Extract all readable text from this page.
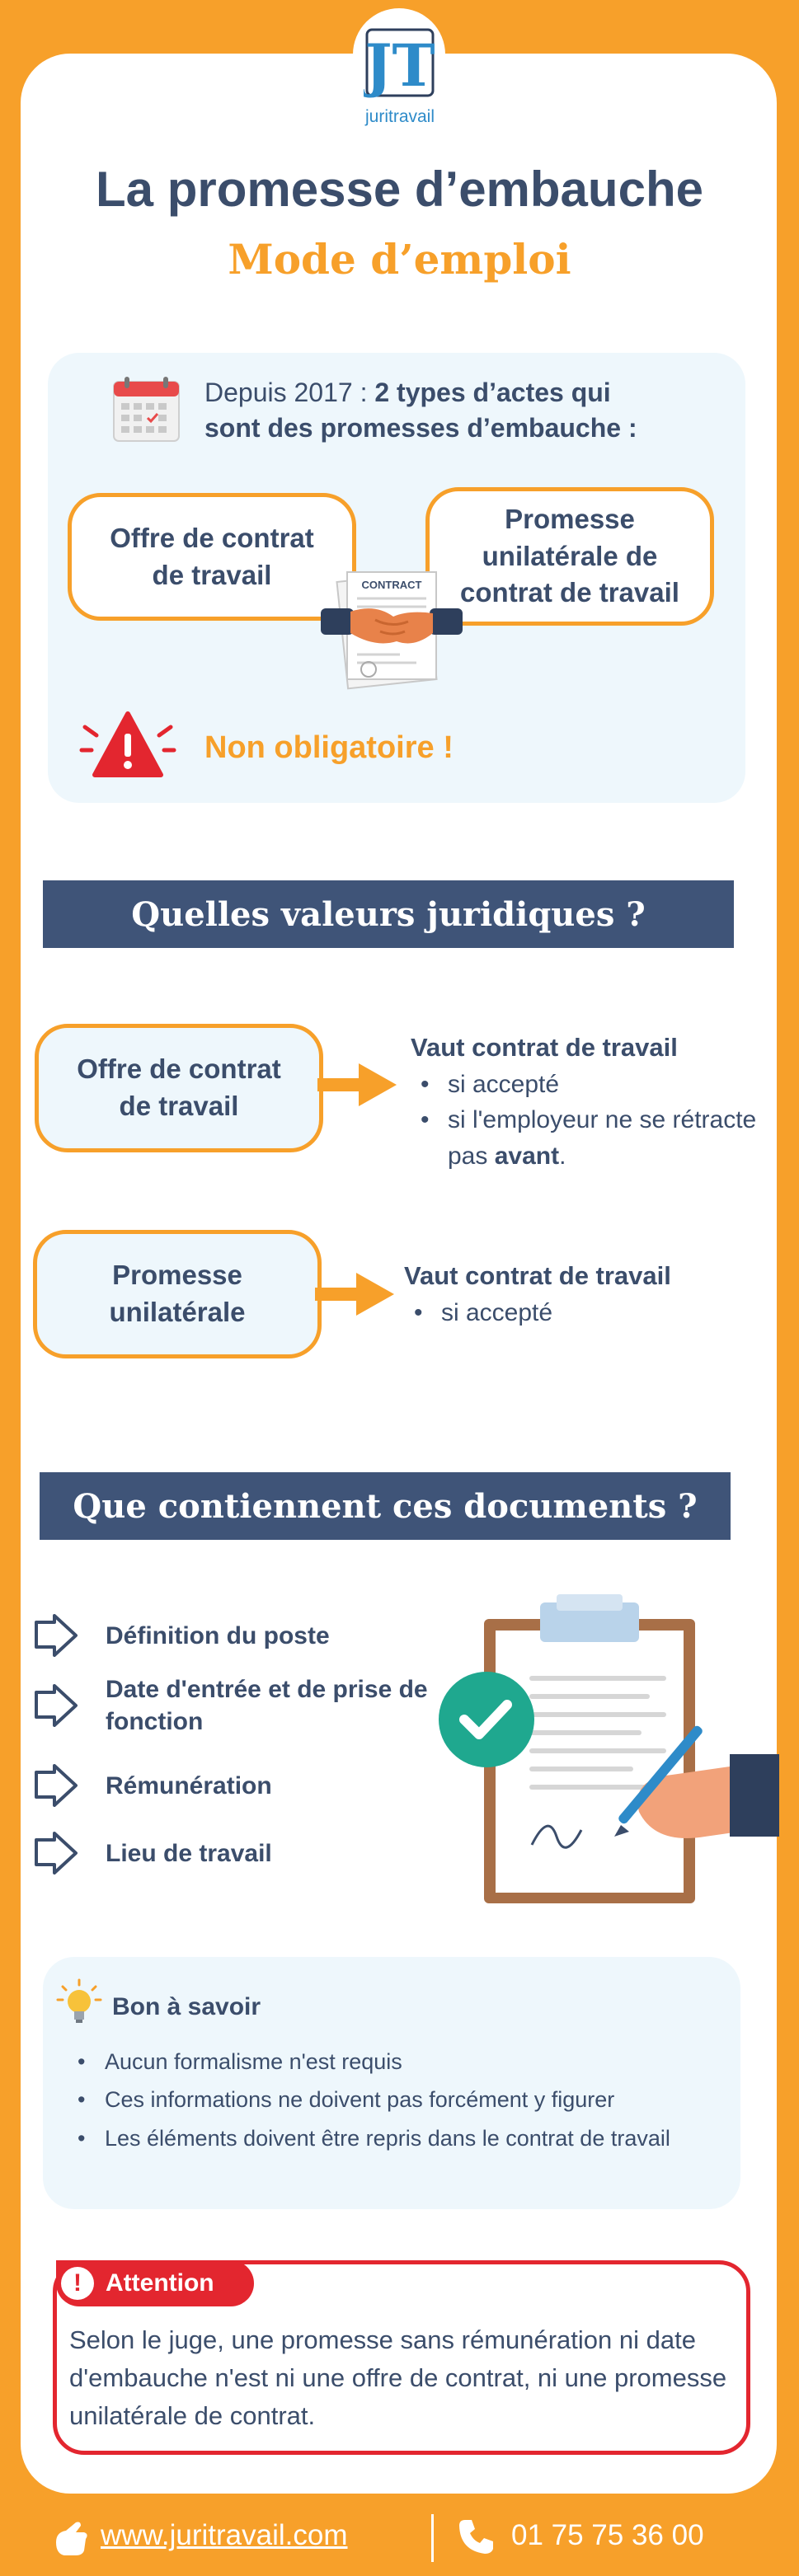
JT
juritravail
La promesse d’embauche
Mode d’emploi
Depuis 2017 : 2 types d’actes qui
sont des promesses d’embauche :
Offre de contrat de travail
Promesse unilatérale de contrat de travail
CONTRACT
Non obligatoire !
Quelles valeurs juridiques ?
Offre de contrat de travail
Vaut contrat de travail
• si accepté
• si l'employeur ne se rétracte pas avant.
Promesse unilatérale
Vaut contrat de travail
• si accepté
Que contiennent ces documents ?
Définition du poste
Date d'entrée et de prise de fonction
Rémunération
Lieu de travail
Bon à savoir
• Aucun formalisme n'est requis
• Ces informations ne doivent pas forcément y figurer
• Les éléments doivent être repris dans le contrat de travail
! Attention
Selon le juge, une promesse sans rémunération ni date d'embauche n'est ni une offre de contrat, ni une promesse unilatérale de contrat.
www.juritravail.com	01 75 75 36 00
